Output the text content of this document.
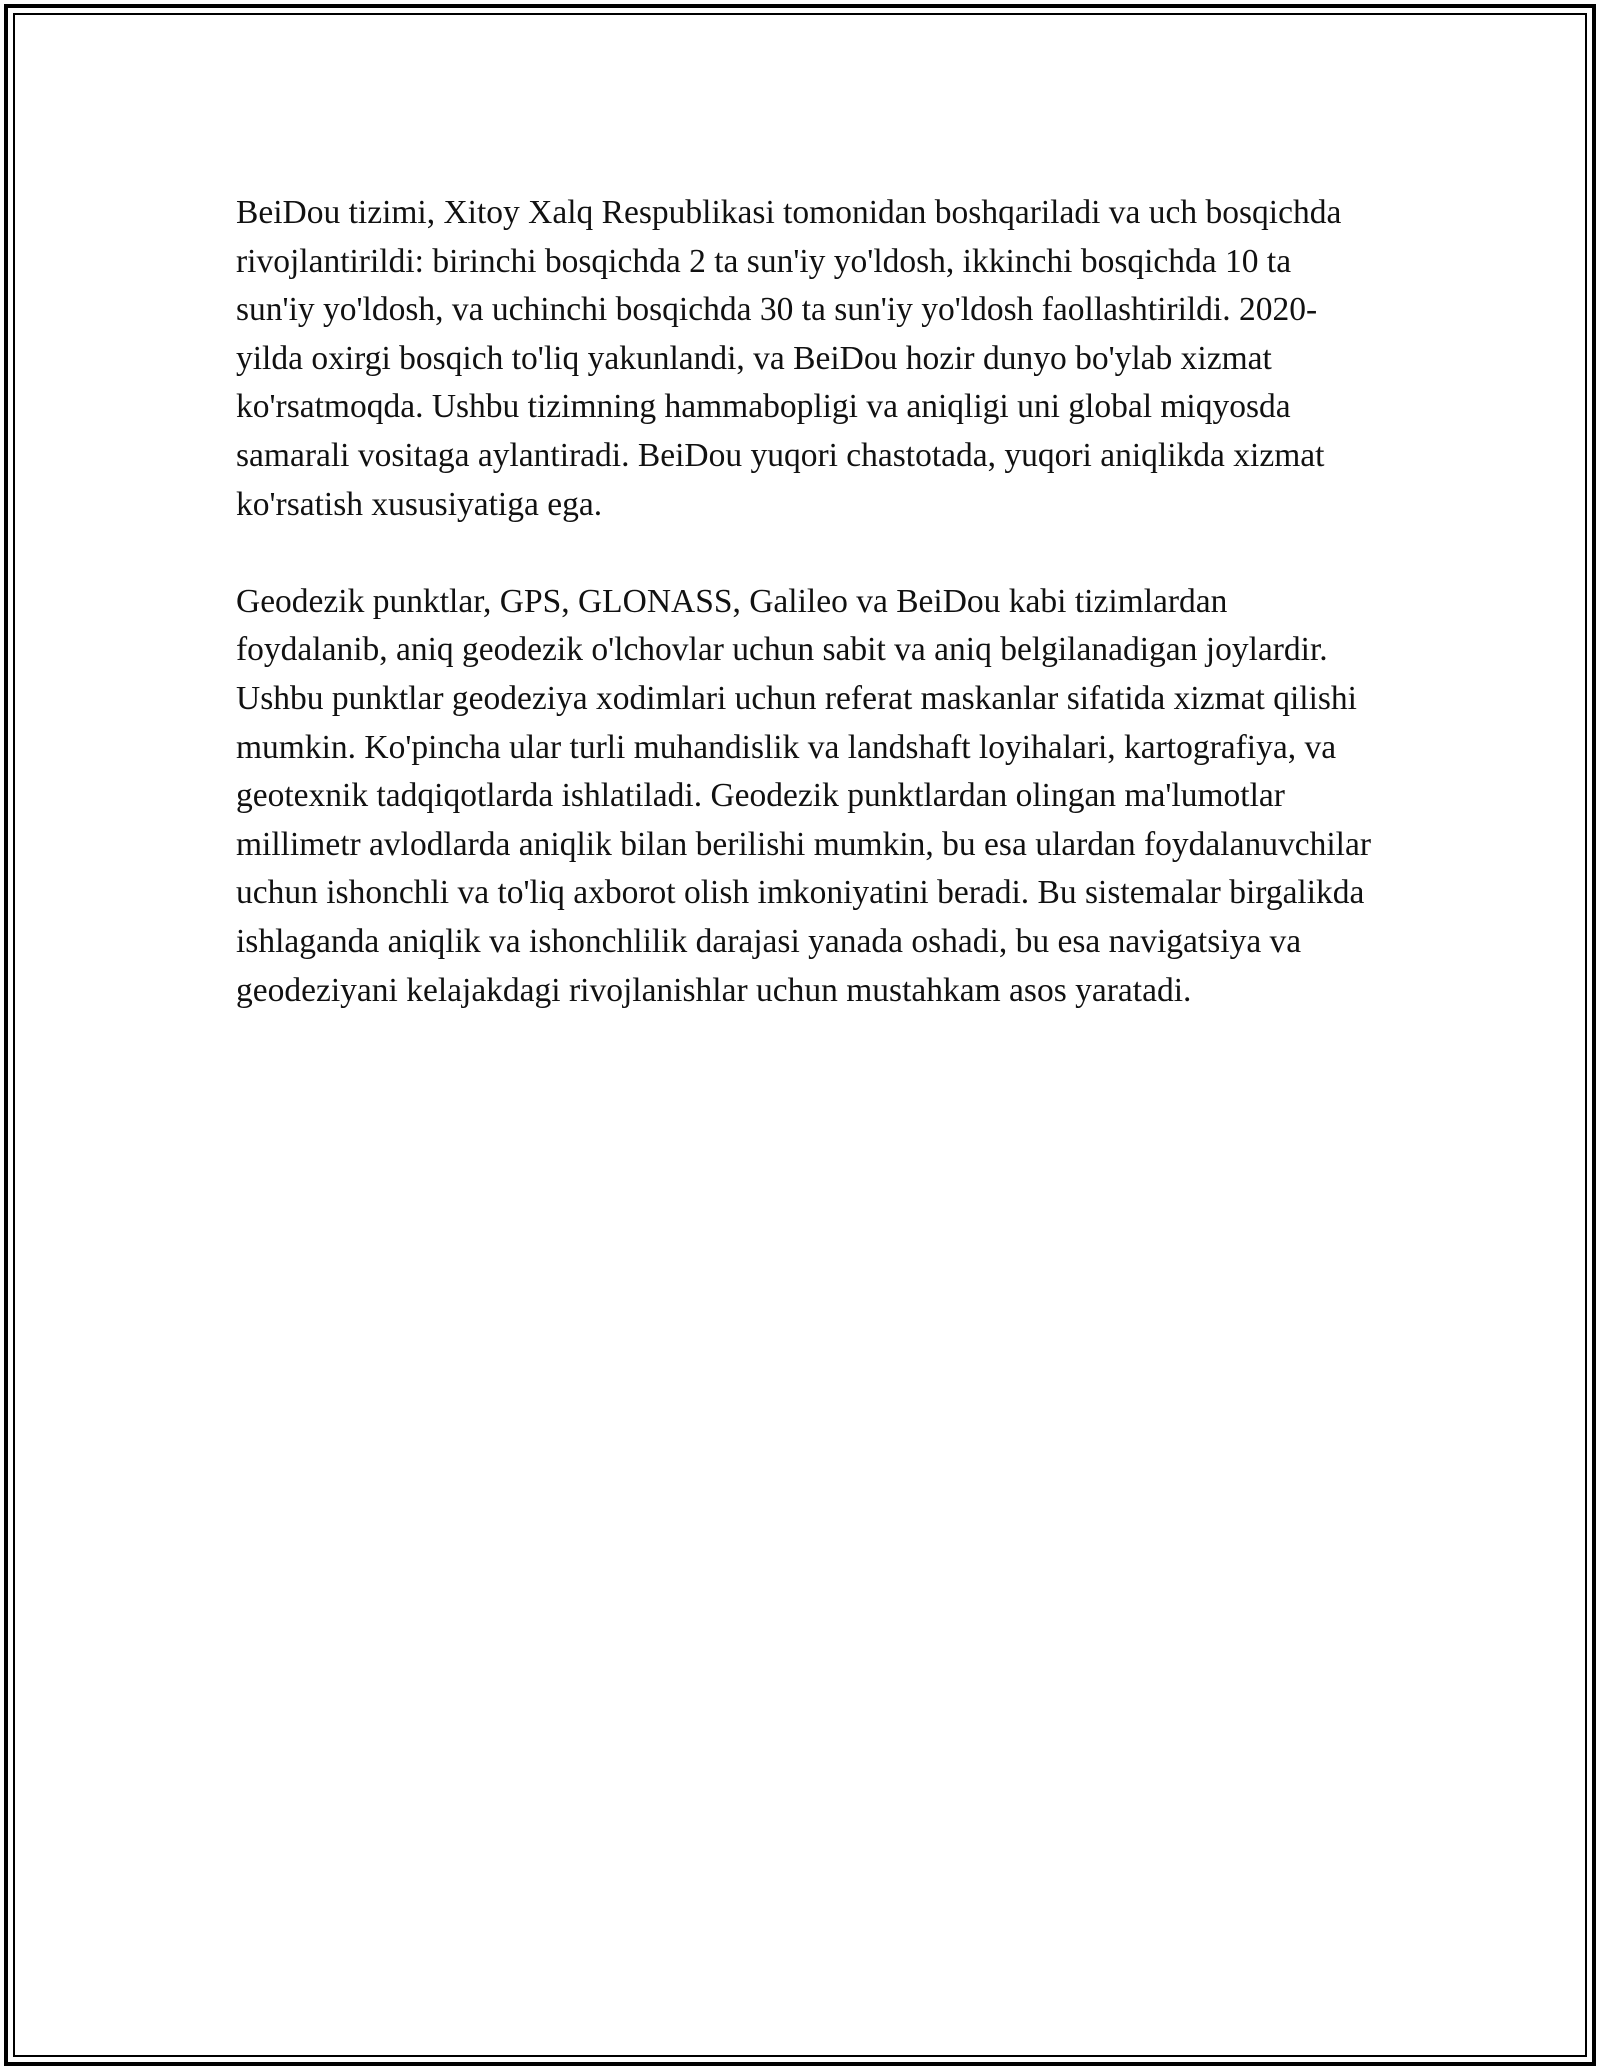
BeiDou tizimi, Xitoy Xalq Respublikasi tomonidan boshqariladi va uch bosqichda rivojlantirildi: birinchi bosqichda 2 ta sun'iy yo'ldosh, ikkinchi bosqichda 10 ta sun'iy yo'ldosh, va uchinchi bosqichda 30 ta sun'iy yo'ldosh faollashtirildi. 2020-yilda oxirgi bosqich to'liq yakunlandi, va BeiDou hozir dunyo bo'ylab xizmat ko'rsatmoqda. Ushbu tizimning hammabopligi va aniqligi uni global miqyosda samarali vositaga aylantiradi. BeiDou yuqori chastotada, yuqori aniqlikda xizmat ko'rsatish xususiyatiga ega.

Geodezik punktlar, GPS, GLONASS, Galileo va BeiDou kabi tizimlardan foydalanib, aniq geodezik o'lchovlar uchun sabit va aniq belgilanadigan joylardir. Ushbu punktlar geodeziya xodimlari uchun referat maskanlar sifatida xizmat qilishi mumkin. Ko'pincha ular turli muhandislik va landshaft loyihalari, kartografiya, va geotexnik tadqiqotlarda ishlatiladi. Geodezik punktlardan olingan ma'lumotlar millimetr avlodlarda aniqlik bilan berilishi mumkin, bu esa ulardan foydalanuvchilar uchun ishonchli va to'liq axborot olish imkoniyatini beradi. Bu sistemalar birgalikda ishlaganda aniqlik va ishonchlilik darajasi yanada oshadi, bu esa navigatsiya va geodeziyani kelajakdagi rivojlanishlar uchun mustahkam asos yaratadi.
